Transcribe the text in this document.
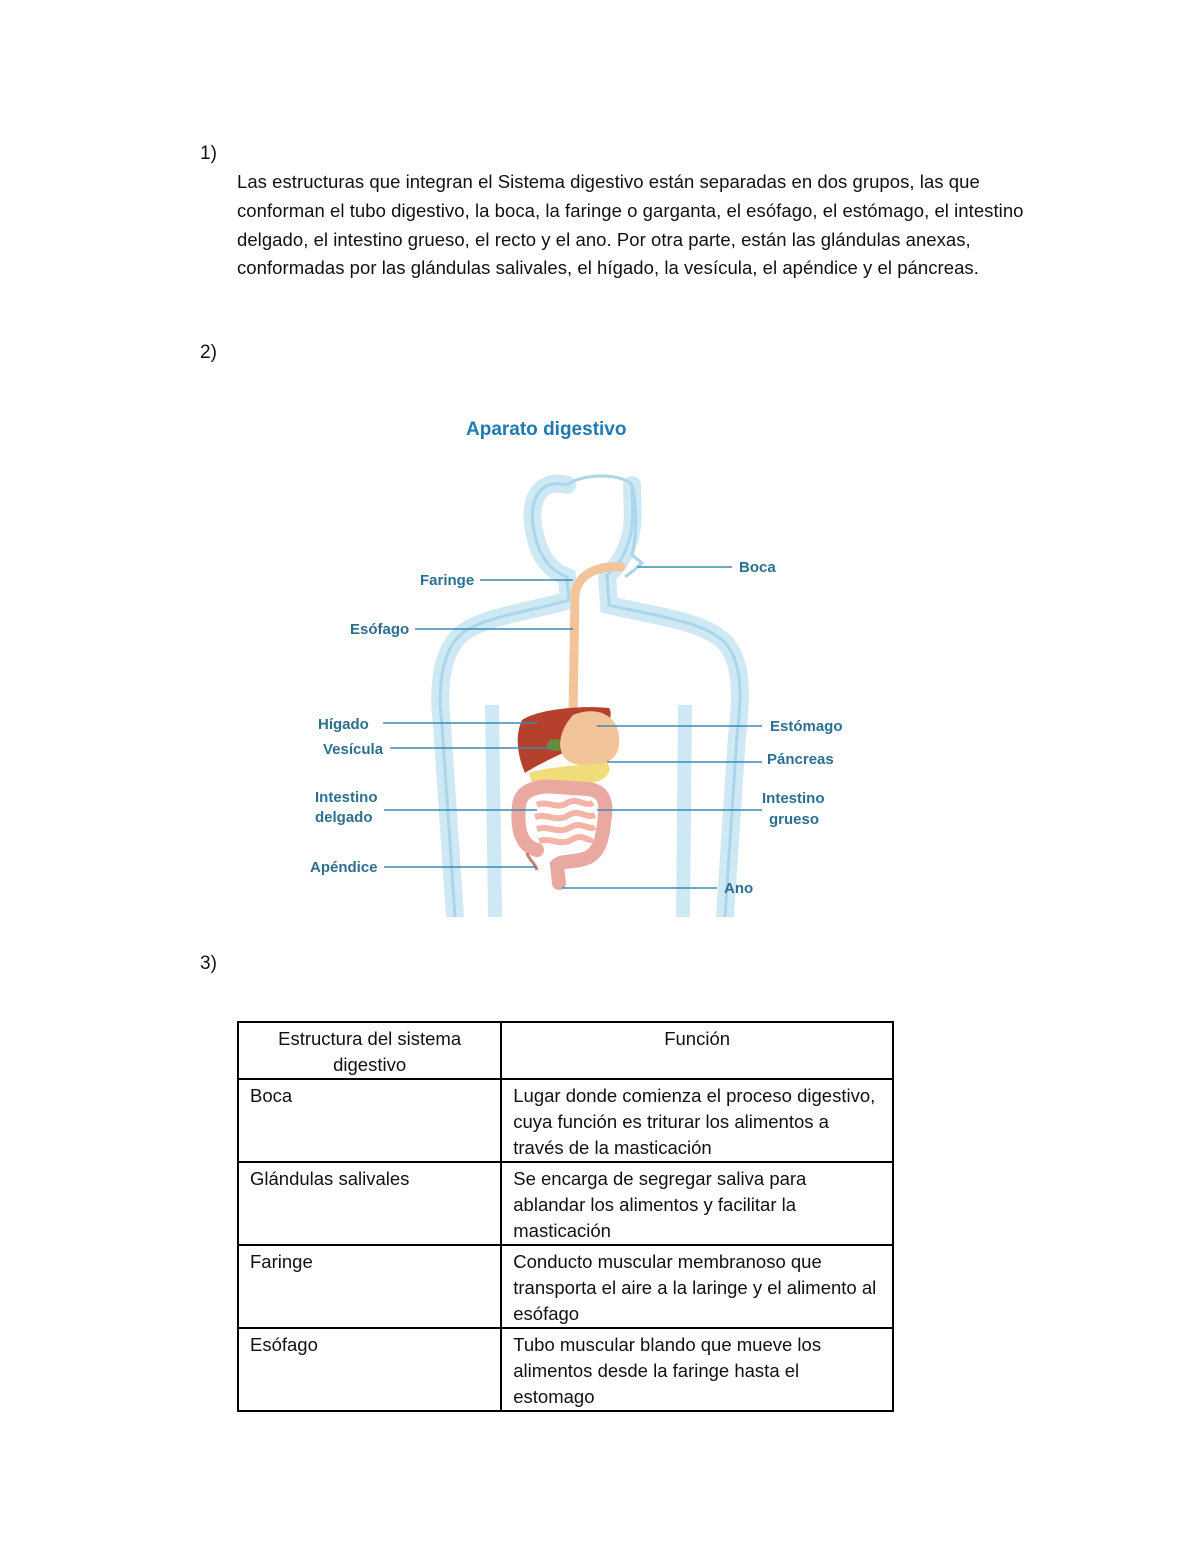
1)
Las estructuras que integran el Sistema digestivo están separadas en dos grupos, las que conforman el tubo digestivo, la boca, la faringe o garganta, el esófago, el estómago, el intestino delgado, el intestino grueso, el recto y el ano. Por otra parte, están las glándulas anexas, conformadas por las glándulas salivales, el hígado, la vesícula, el apéndice y el páncreas.
2)
Aparato digestivo
Faringe
Esófago
Hígado
Vesícula
Intestino
delgado
Apéndice
Boca
Estómago
Páncreas
Intestino
grueso
Ano
3)
Estructura del sistema digestivo	Función
Boca	Lugar donde comienza el proceso digestivo, cuya función es triturar los alimentos a través de la masticación
Glándulas salivales	Se encarga de segregar saliva para ablandar los alimentos y facilitar la masticación
Faringe	Conducto muscular membranoso que transporta el aire a la laringe y el alimento al esófago
Esófago	Tubo muscular blando que mueve los alimentos desde la faringe hasta el estomago
